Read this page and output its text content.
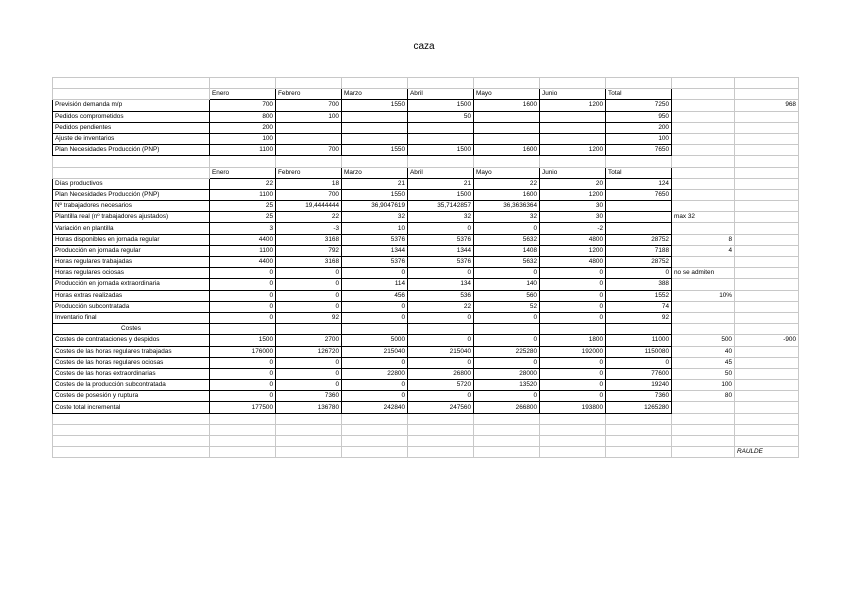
caza

	Enero	Febrero	Marzo	Abril	Mayo	Junio	Total		
Previsión demanda m/p	700	700	1550	1500	1600	1200	7250		968
Pedidos comprometidos	800	100		50			950		
Pedidos pendientes	200						200		
Ajuste de inventarios	100						100		
Plan Necesidades Producción (PNP)	1100	700	1550	1500	1600	1200	7650		

	Enero	Febrero	Marzo	Abril	Mayo	Junio	Total		
Días productivos	22	18	21	21	22	20	124		
Plan Necesidades Producción (PNP)	1100	700	1550	1500	1600	1200	7650		
Nº trabajadores necesarios	25	19,4444444	36,9047619	35,7142857	36,3636364	30			
Plantilla real (nº trabajadores ajustados)	25	22	32	32	32	30		max 32	
Variación en plantilla	3	-3	10	0	0	-2			
Horas disponibles en jornada regular	4400	3168	5376	5376	5632	4800	28752	8	
Producción en jornada regular	1100	792	1344	1344	1408	1200	7188	4	
Horas regulares trabajadas	4400	3168	5376	5376	5632	4800	28752		
Horas regulares ociosas	0	0	0	0	0	0	0	no se admiten	
Producción en jornada extraordinaria	0	0	114	134	140	0	388		
Horas extras realizadas	0	0	456	536	560	0	1552	10%	
Producción subcontratada	0	0	0	22	52	0	74		
Inventario final	0	92	0	0	0	0	92		
Costes									
Costes de contrataciones y despidos	1500	2700	5000	0	0	1800	11000	500	-900
Costes de las horas regulares trabajadas	176000	126720	215040	215040	225280	192000	1150080	40	
Costes de las horas regulares ociosas	0	0	0	0	0	0	0	45	
Costes de las horas extraordinarias	0	0	22800	26800	28000	0	77600	50	
Costes de la producción subcontratada	0	0	0	5720	13520	0	19240	100	
Costes de posesión y ruptura	0	7360	0	0	0	0	7360	80	
Coste total incremental	177500	136780	242840	247560	266800	193800	1265280		

									RAULDE
